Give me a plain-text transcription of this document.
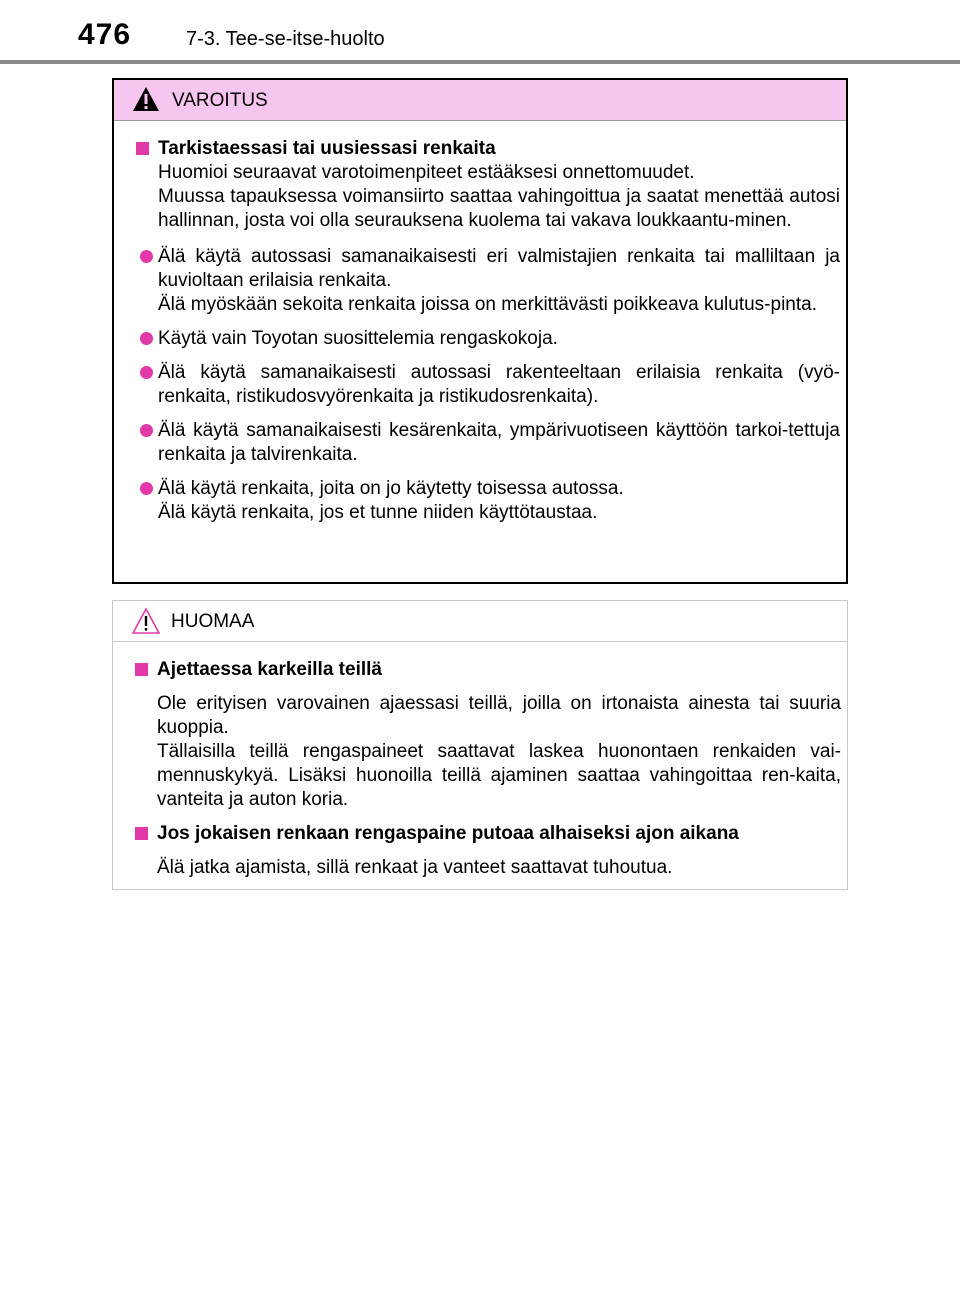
476	7-3. Tee-se-itse-huolto
VAROITUS
Tarkistaessasi tai uusiessasi renkaita
Huomioi seuraavat varotoimenpiteet estääksesi onnettomuudet.
Muussa tapauksessa voimansiirto saattaa vahingoittua ja saatat menettää autosi hallinnan, josta voi olla seurauksena kuolema tai vakava loukkaantu-minen.
Älä käytä autossasi samanaikaisesti eri valmistajien renkaita tai malliltaan ja kuvioltaan erilaisia renkaita.
Älä myöskään sekoita renkaita joissa on merkittävästi poikkeava kulutus-pinta.
Käytä vain Toyotan suosittelemia rengaskokoja.
Älä käytä samanaikaisesti autossasi rakenteeltaan erilaisia renkaita (vyö-renkaita, ristikudosvyörenkaita ja ristikudosrenkaita).
Älä käytä samanaikaisesti kesärenkaita, ympärivuotiseen käyttöön tarkoi-tettuja renkaita ja talvirenkaita.
Älä käytä renkaita, joita on jo käytetty toisessa autossa.
Älä käytä renkaita, jos et tunne niiden käyttötaustaa.
HUOMAA
Ajettaessa karkeilla teillä
Ole erityisen varovainen ajaessasi teillä, joilla on irtonaista ainesta tai suuria kuoppia.
Tällaisilla teillä rengaspaineet saattavat laskea huonontaen renkaiden vai-mennuskykyä. Lisäksi huonoilla teillä ajaminen saattaa vahingoittaa ren-kaita, vanteita ja auton koria.
Jos jokaisen renkaan rengaspaine putoaa alhaiseksi ajon aikana
Älä jatka ajamista, sillä renkaat ja vanteet saattavat tuhoutua.
